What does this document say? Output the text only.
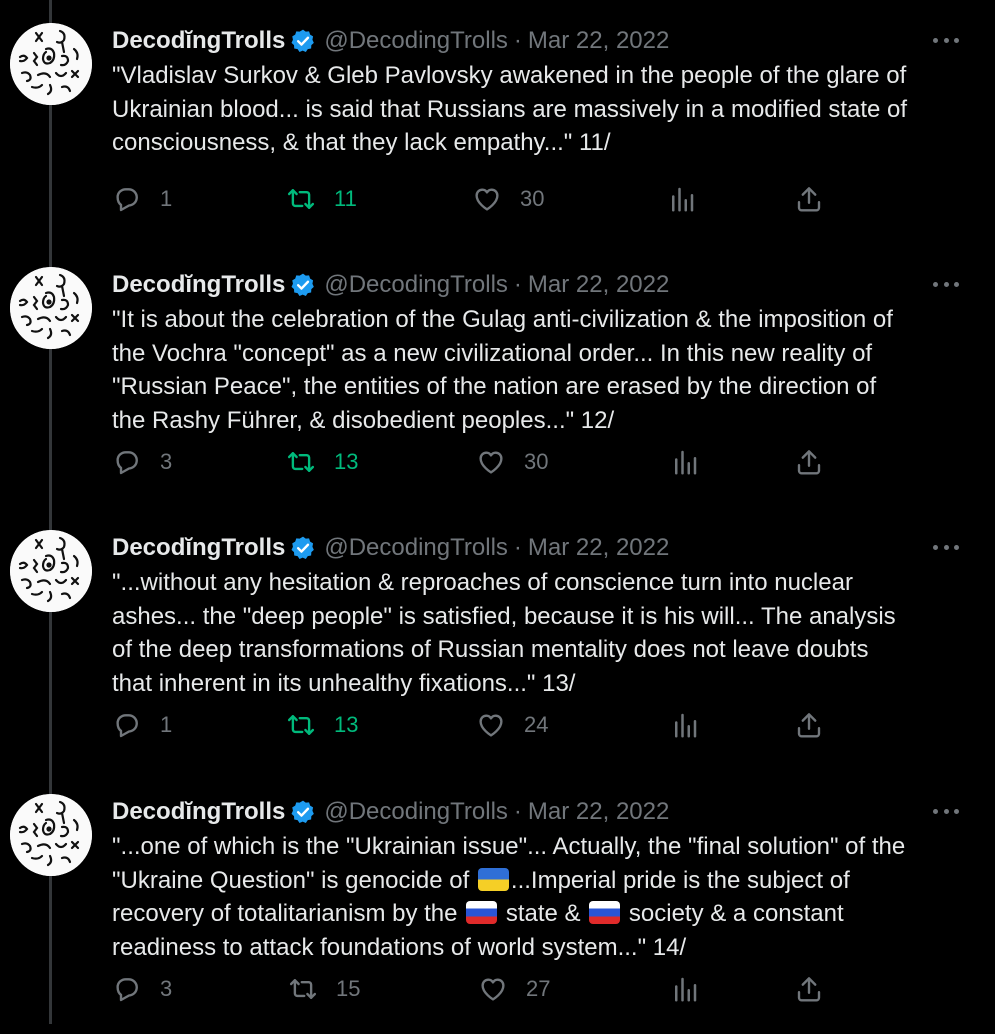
DecodĭngTrolls @DecodingTrolls · Mar 22, 2022
"Vladislav Surkov & Gleb Pavlovsky awakened in the people of the glare of
Ukrainian blood... is said that Russians are massively in a modified state of
consciousness, & that they lack empathy..." 11/
1	11	30
DecodĭngTrolls @DecodingTrolls · Mar 22, 2022
"It is about the celebration of the Gulag anti-civilization & the imposition of
the Vochra "concept" as a new civilizational order... In this new reality of
"Russian Peace", the entities of the nation are erased by the direction of
the Rashy Führer, & disobedient peoples..." 12/
3	13	30
DecodĭngTrolls @DecodingTrolls · Mar 22, 2022
"...without any hesitation & reproaches of conscience turn into nuclear
ashes... the "deep people" is satisfied, because it is his will... The analysis
of the deep transformations of Russian mentality does not leave doubts
that inherent in its unhealthy fixations..." 13/
1	13	24
DecodĭngTrolls @DecodingTrolls · Mar 22, 2022
"...one of which is the "Ukrainian issue"... Actually, the "final solution" of the
"Ukraine Question" is genocide of ...Imperial pride is the subject of
recovery of totalitarianism by the state & society & a constant
readiness to attack foundations of world system..." 14/
3	15	27
